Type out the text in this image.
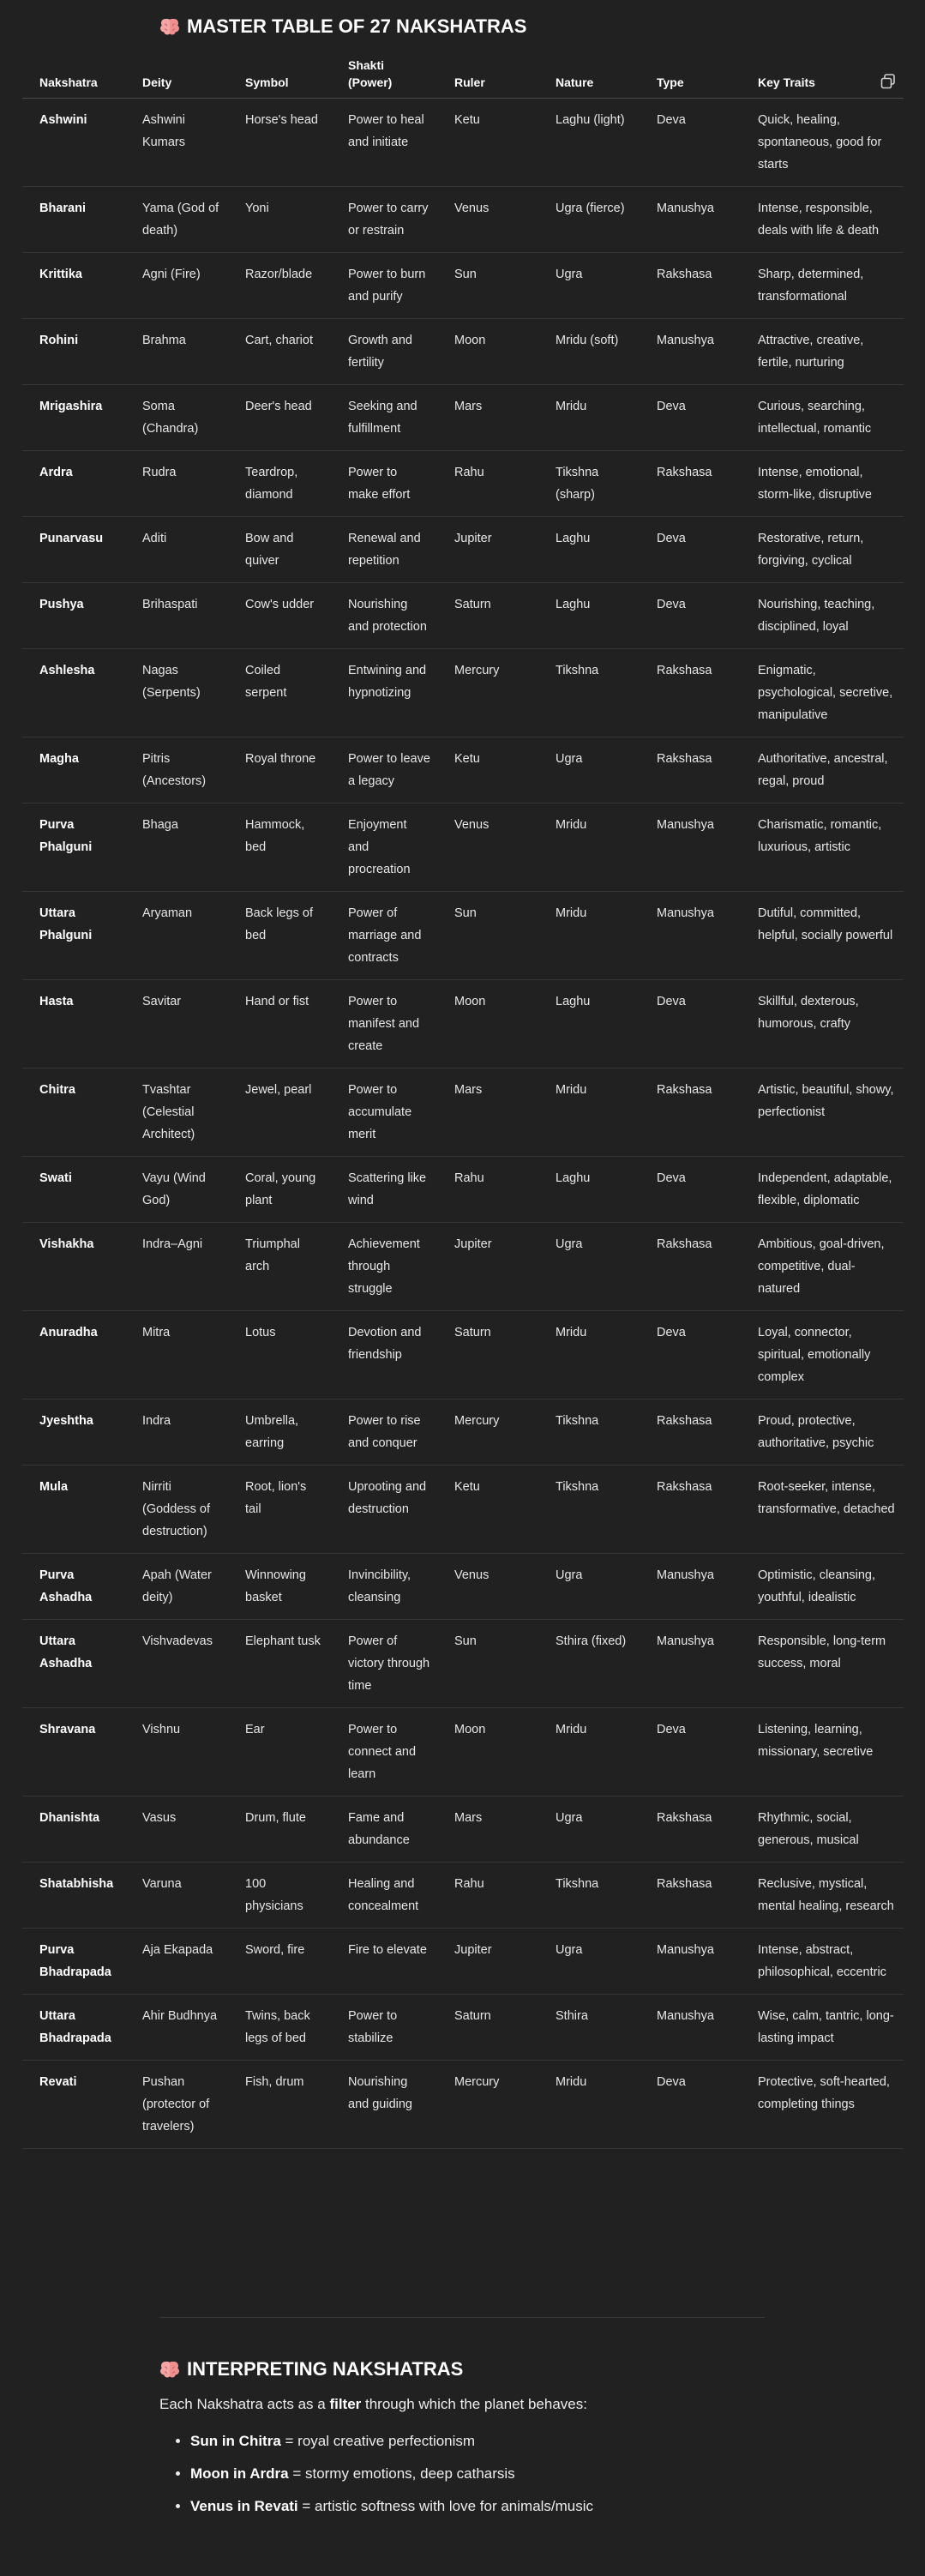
MASTER TABLE OF 27 NAKSHATRAS
Nakshatra	Deity	Symbol	Shakti (Power)	Ruler	Nature	Type	Key Traits
Ashwini	Ashwini Kumars	Horse's head	Power to heal and initiate	Ketu	Laghu (light)	Deva	Quick, healing, spontaneous, good for starts
Bharani	Yama (God of death)	Yoni	Power to carry or restrain	Venus	Ugra (fierce)	Manushya	Intense, responsible, deals with life & death
Krittika	Agni (Fire)	Razor/blade	Power to burn and purify	Sun	Ugra	Rakshasa	Sharp, determined, transformational
Rohini	Brahma	Cart, chariot	Growth and fertility	Moon	Mridu (soft)	Manushya	Attractive, creative, fertile, nurturing
Mrigashira	Soma (Chandra)	Deer's head	Seeking and fulfillment	Mars	Mridu	Deva	Curious, searching, intellectual, romantic
Ardra	Rudra	Teardrop, diamond	Power to make effort	Rahu	Tikshna (sharp)	Rakshasa	Intense, emotional, storm-like, disruptive
Punarvasu	Aditi	Bow and quiver	Renewal and repetition	Jupiter	Laghu	Deva	Restorative, return, forgiving, cyclical
Pushya	Brihaspati	Cow's udder	Nourishing and protection	Saturn	Laghu	Deva	Nourishing, teaching, disciplined, loyal
Ashlesha	Nagas (Serpents)	Coiled serpent	Entwining and hypnotizing	Mercury	Tikshna	Rakshasa	Enigmatic, psychological, secretive, manipulative
Magha	Pitris (Ancestors)	Royal throne	Power to leave a legacy	Ketu	Ugra	Rakshasa	Authoritative, ancestral, regal, proud
Purva Phalguni	Bhaga	Hammock, bed	Enjoyment and procreation	Venus	Mridu	Manushya	Charismatic, romantic, luxurious, artistic
Uttara Phalguni	Aryaman	Back legs of bed	Power of marriage and contracts	Sun	Mridu	Manushya	Dutiful, committed, helpful, socially powerful
Hasta	Savitar	Hand or fist	Power to manifest and create	Moon	Laghu	Deva	Skillful, dexterous, humorous, crafty
Chitra	Tvashtar (Celestial Architect)	Jewel, pearl	Power to accumulate merit	Mars	Mridu	Rakshasa	Artistic, beautiful, showy, perfectionist
Swati	Vayu (Wind God)	Coral, young plant	Scattering like wind	Rahu	Laghu	Deva	Independent, adaptable, flexible, diplomatic
Vishakha	Indra–Agni	Triumphal arch	Achievement through struggle	Jupiter	Ugra	Rakshasa	Ambitious, goal-driven, competitive, dual-natured
Anuradha	Mitra	Lotus	Devotion and friendship	Saturn	Mridu	Deva	Loyal, connector, spiritual, emotionally complex
Jyeshtha	Indra	Umbrella, earring	Power to rise and conquer	Mercury	Tikshna	Rakshasa	Proud, protective, authoritative, psychic
Mula	Nirriti (Goddess of destruction)	Root, lion's tail	Uprooting and destruction	Ketu	Tikshna	Rakshasa	Root-seeker, intense, transformative, detached
Purva Ashadha	Apah (Water deity)	Winnowing basket	Invincibility, cleansing	Venus	Ugra	Manushya	Optimistic, cleansing, youthful, idealistic
Uttara Ashadha	Vishvadevas	Elephant tusk	Power of victory through time	Sun	Sthira (fixed)	Manushya	Responsible, long-term success, moral
Shravana	Vishnu	Ear	Power to connect and learn	Moon	Mridu	Deva	Listening, learning, missionary, secretive
Dhanishta	Vasus	Drum, flute	Fame and abundance	Mars	Ugra	Rakshasa	Rhythmic, social, generous, musical
Shatabhisha	Varuna	100 physicians	Healing and concealment	Rahu	Tikshna	Rakshasa	Reclusive, mystical, mental healing, research
Purva Bhadrapada	Aja Ekapada	Sword, fire	Fire to elevate	Jupiter	Ugra	Manushya	Intense, abstract, philosophical, eccentric
Uttara Bhadrapada	Ahir Budhnya	Twins, back legs of bed	Power to stabilize	Saturn	Sthira	Manushya	Wise, calm, tantric, long-lasting impact
Revati	Pushan (protector of travelers)	Fish, drum	Nourishing and guiding	Mercury	Mridu	Deva	Protective, soft-hearted, completing things
INTERPRETING NAKSHATRAS
Each Nakshatra acts as a filter through which the planet behaves:
• Sun in Chitra = royal creative perfectionism
• Moon in Ardra = stormy emotions, deep catharsis
• Venus in Revati = artistic softness with love for animals/music
